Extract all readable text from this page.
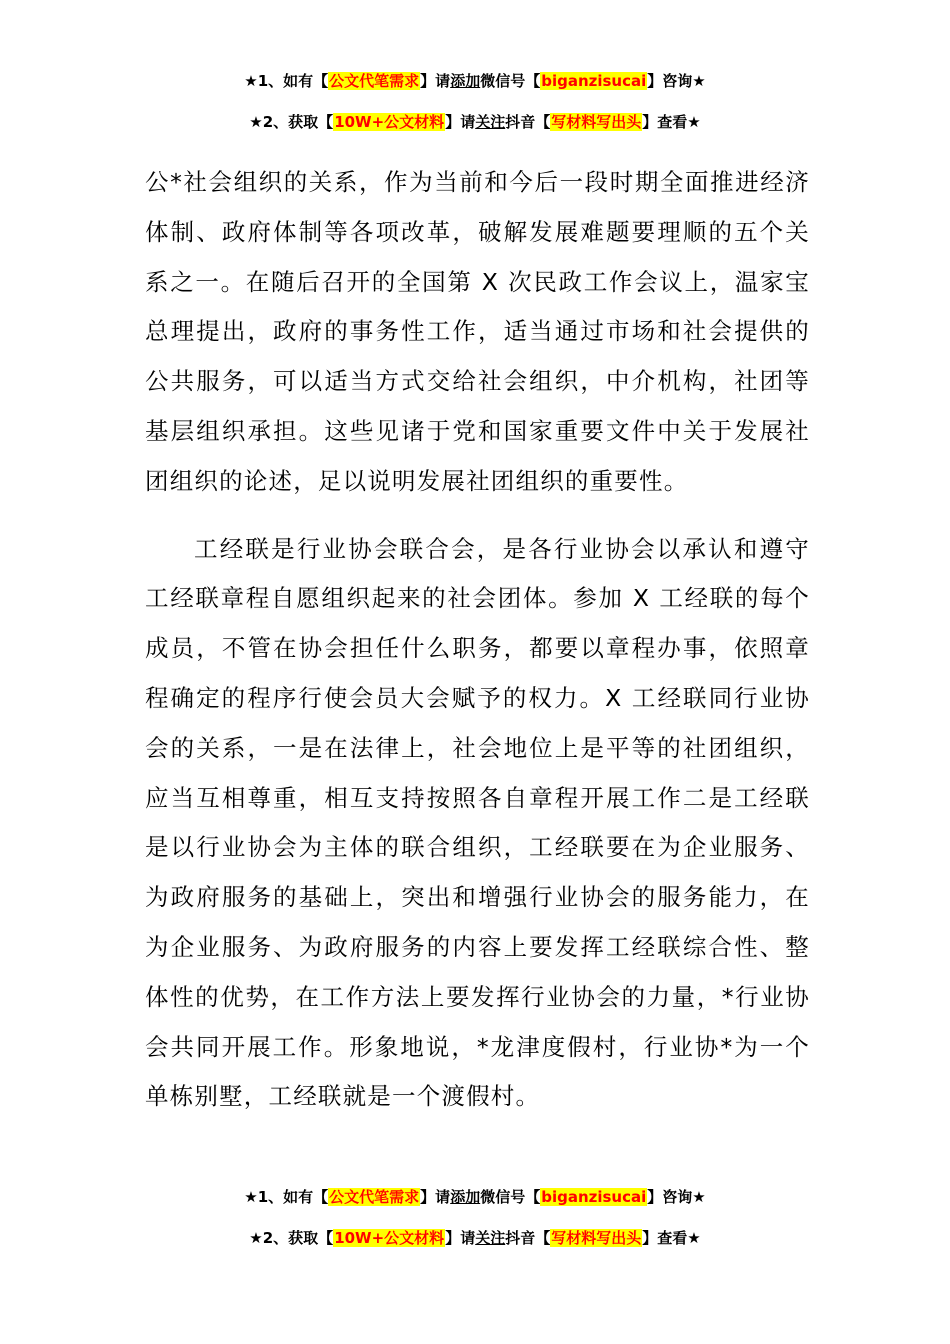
★1、如有【公文代笔需求】请添加微信号【biganzisucai】咨询★
★2、获取【10W+公文材料】请关注抖音【写材料写出头】查看★

公*社会组织的关系，作为当前和今后一段时期全面推进经济体制、政府体制等各项改革，破解发展难题要理顺的五个关系之一。在随后召开的全国第 X 次民政工作会议上，温家宝总理提出，政府的事务性工作，适当通过市场和社会提供的公共服务，可以适当方式交给社会组织，中介机构，社团等基层组织承担。这些见诸于党和国家重要文件中关于发展社团组织的论述，足以说明发展社团组织的重要性。

工经联是行业协会联合会，是各行业协会以承认和遵守工经联章程自愿组织起来的社会团体。参加 X 工经联的每个成员，不管在协会担任什么职务，都要以章程办事，依照章程确定的程序行使会员大会赋予的权力。X 工经联同行业协会的关系，一是在法律上，社会地位上是平等的社团组织，应当互相尊重，相互支持按照各自章程开展工作二是工经联是以行业协会为主体的联合组织，工经联要在为企业服务、为政府服务的基础上，突出和增强行业协会的服务能力，在为企业服务、为政府服务的内容上要发挥工经联综合性、整体性的优势，在工作方法上要发挥行业协会的力量，*行业协会共同开展工作。形象地说，*龙津度假村，行业协*为一个单栋别墅，工经联就是一个渡假村。

★1、如有【公文代笔需求】请添加微信号【biganzisucai】咨询★
★2、获取【10W+公文材料】请关注抖音【写材料写出头】查看★
